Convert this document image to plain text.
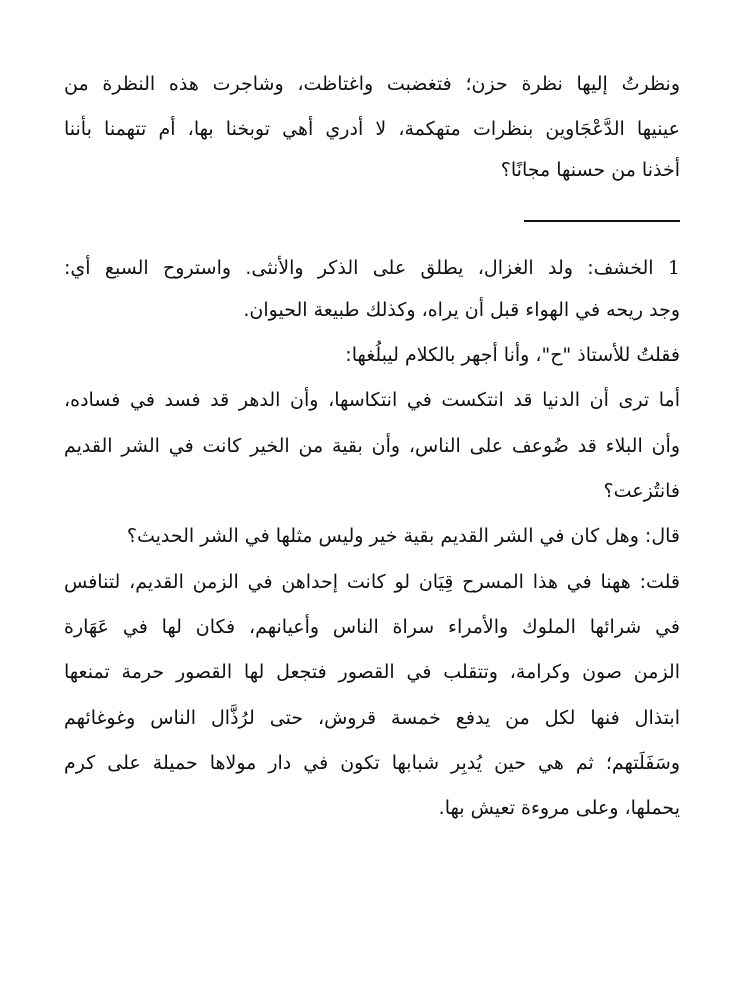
ونظرتُ إليها نظرة حزن؛ فتغضبت واغتاظت، وشاجرت هذه النظرة من
عينيها الدَّعْجَاوين بنظرات متهكمة، لا أدري أهي توبخنا بها، أم تتهمنا بأننا
أخذنا من حسنها مجانًا؟
1 الخشف: ولد الغزال، يطلق على الذكر والأنثى. واستروح السبع أي:
وجد ريحه في الهواء قبل أن يراه، وكذلك طبيعة الحيوان.
فقلتُ للأستاذ "ح"، وأنا أجهر بالكلام ليبلُغها:
أما ترى أن الدنيا قد انتكست في انتكاسها، وأن الدهر قد فسد في فساده،
وأن البلاء قد ضُوعف على الناس، وأن بقية من الخير كانت في الشر القديم
فانتُزعت؟
قال: وهل كان في الشر القديم بقية خير وليس مثلها في الشر الحديث؟
قلت: ههنا في هذا المسرح قِيَان لو كانت إحداهن في الزمن القديم، لتنافس
في شرائها الملوك والأمراء سراة الناس وأعيانهم، فكان لها في عَهَارة
الزمن صون وكرامة، وتتقلب في القصور فتجعل لها القصور حرمة تمنعها
ابتذال فنها لكل من يدفع خمسة قروش، حتى لرُذَّال الناس وغوغائهم
وسَفَلَتهم؛ ثم هي حين يُدبِر شبابها تكون في دار مولاها حميلة على كرم
يحملها، وعلى مروءة تعيش بها.
